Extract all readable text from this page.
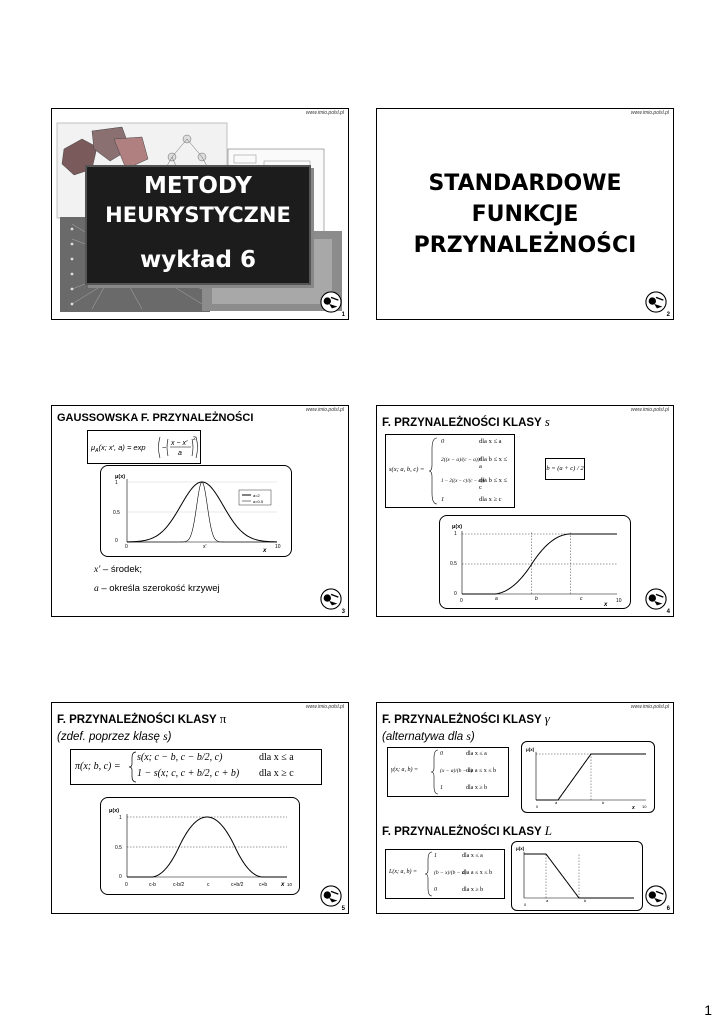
www.imio.polsl.pl
METODY
HEURYSTYCZNE
wykład 6
1
www.imio.polsl.pl
STANDARDOWE
FUNKCJE
PRZYNALEŻNOŚCI
2
www.imio.polsl.pl
GAUSSOWSKA F. PRZYNALEŻNOŚCI
$\mu_A(x$; x′, a) = exp − x − x′
a
2
μ(x)
1
0.5
0
0	x'	10
x
a=2
a=0.5
x′ – środek;
a – określa szerokość krzywej
3
www.imio.polsl.pl
F. PRZYNALEŻNOŚCI KLASY s
s(x; a, b, c) =
0	dla x ≤ a
2((x − a)/(c − a))²
dla b ≤ x ≤ a
1 − 2((x − c)/(c − a))²
dla b ≤ x ≤ c
1	dla x ≥ c
b = (a + c) / 2
μ(x)
1
0.5
0
0	a	b	c	10
x
4
www.imio.polsl.pl
F. PRZYNALEŻNOŚCI KLASY π
(zdef. poprzez klasę s)
π(x; b, c) =
s(x; c − b, c − b/2, c)	dla x ≤ a
1 − s(x; c, c + b/2, c + b) dla x ≥ c
μ(x)
1
0.5
0
0	c-b	c-b/2	c	c+b/2	c+b	10
x
5
www.imio.polsl.pl
F. PRZYNALEŻNOŚCI KLASY γ
(alternatywa dla s)
γ(x; a, b) =
0	dla x ≤ a
(x − a)/(b − a)
dla a ≤ x ≤ b
1	dla x ≥ b
μ(x)
0
a	b
10
x
F. PRZYNALEŻNOŚCI KLASY L
L(x; a, b) =
1	dla x ≤ a
(b − x)/(b − a)
dla a ≤ x ≤ b
0	dla x ≥ b
μ(x)
0
a	b
6
1
